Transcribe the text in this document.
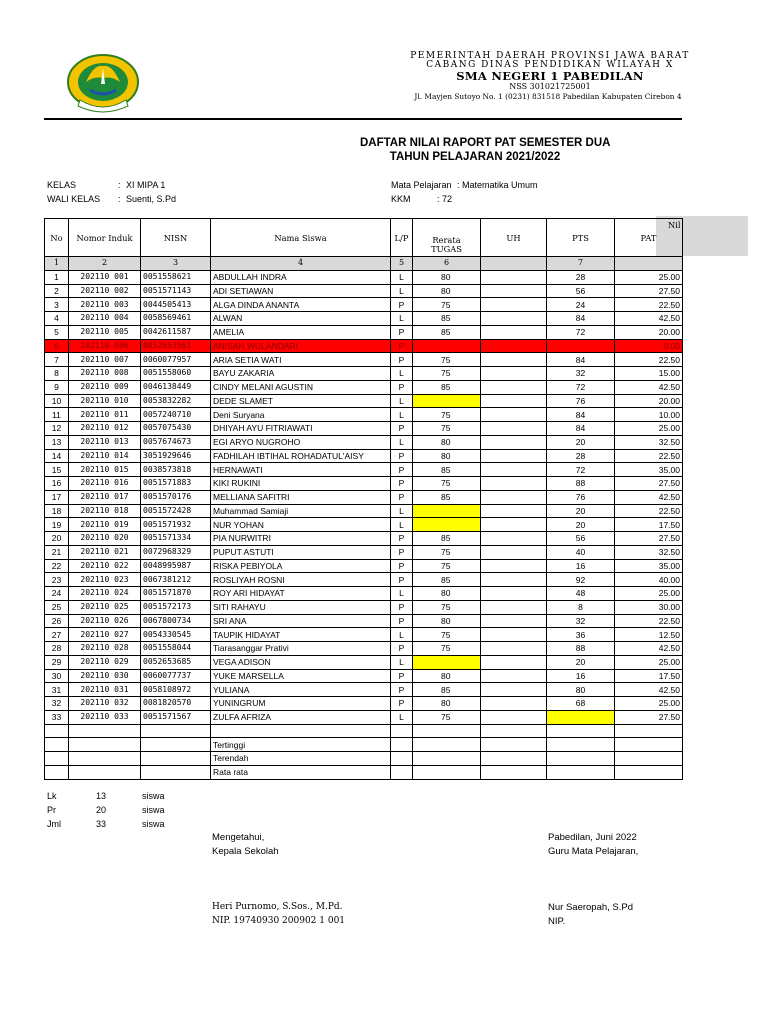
PEMERINTAH DAERAH PROVINSI JAWA BARAT
CABANG DINAS PENDIDIKAN WILAYAH X
SMA NEGERI 1 PABEDILAN
NSS 301021725001
Jl. Mayjen Sutoyo No. 1 (0231) 831518 Pabedilan Kabupaten Cirebon 4
DAFTAR NILAI RAPORT PAT SEMESTER DUA
TAHUN PELAJARAN 2021/2022
KELAS	: XI MIPA 1
WALI KELAS : Suenti, S.Pd
Mata Pelajaran : Matematika Umum
KKM	: 72
Nil
No	Nomor Induk	NISN	Nama Siswa	L/P	Rerata
TUGAS	UH	PTS	PAT
1	2	3	4	5	6		7	
1	202110 001	0051558621	ABDULLAH INDRA	L	80		28	25.00
2	202110 002	0051571143	ADI SETIAWAN	L	80		56	27.50
3	202110 003	0044505413	ALGA DINDA ANANTA	P	75		24	22.50
4	202110 004	0058569461	ALWAN	L	85		84	42.50
5	202110 005	0042611587	AMELIA	P	85		72	20.00
6	202110 006	0052653561	ANISAH WULANDARI	P				0.00
7	202110 007	0060077957	ARIA SETIA WATI	P	75		84	22.50
8	202110 008	0051558060	BAYU ZAKARIA	L	75		32	15.00
9	202110 009	0046138449	CINDY MELANI AGUSTIN	P	85		72	42.50
10	202110 010	0053832282	DEDE SLAMET	L			76	20.00
11	202110 011	0057240710	Deni Suryana	L	75		84	10.00
12	202110 012	0057075430	DHIYAH AYU FITRIAWATI	P	75		84	25.00
13	202110 013	0057674673	EGI ARYO NUGROHO	L	80		20	32.50
14	202110 014	3051929646	FADHILAH IBTIHAL ROHADATUL'AISY	P	80		28	22.50
15	202110 015	0038573818	HERNAWATI	P	85		72	35.00
16	202110 016	0051571883	KIKI RUKINI	P	75		88	27.50
17	202110 017	0051570176	MELLIANA SAFITRI	P	85		76	42.50
18	202110 018	0051572428	Muhammad Samiaji	L			20	22.50
19	202110 019	0051571932	NUR YOHAN	L			20	17.50
20	202110 020	0051571334	PIA NURWITRI	P	85		56	27.50
21	202110 021	0072968329	PUPUT ASTUTI	P	75		40	32.50
22	202110 022	0048995987	RISKA PEBIYOLA	P	75		16	35.00
23	202110 023	0067381212	ROSLIYAH ROSNI	P	85		92	40.00
24	202110 024	0051571870	ROY ARI HIDAYAT	L	80		48	25.00
25	202110 025	0051572173	SITI RAHAYU	P	75		8	30.00
26	202110 026	0067800734	SRI ANA	P	80		32	22.50
27	202110 027	0054330545	TAUPIK HIDAYAT	L	75		36	12.50
28	202110 028	0051558044	Tiarasanggar Prativi	P	75		88	42.50
29	202110 029	0052653685	VEGA ADISON	L			20	25.00
30	202110 030	0060077737	YUKE MARSELLA	P	80		16	17.50
31	202110 031	0058108972	YULIANA	P	85		80	42.50
32	202110 032	0081820570	YUNINGRUM	P	80		68	25.00
33	202110 033	0051571567	ZULFA AFRIZA	L	75			27.50

			Tertinggi					
			Terendah					
			Rata rata					
Lk	13	siswa
Pr	20	siswa
Jml	33	siswa
Mengetahui,
Kepala Sekolah
Heri Purnomo, S.Sos., M.Pd.
NIP. 19740930 200902 1 001
Pabedilan, Juni 2022
Guru Mata Pelajaran,
Nur Saeropah, S.Pd
NIP.
